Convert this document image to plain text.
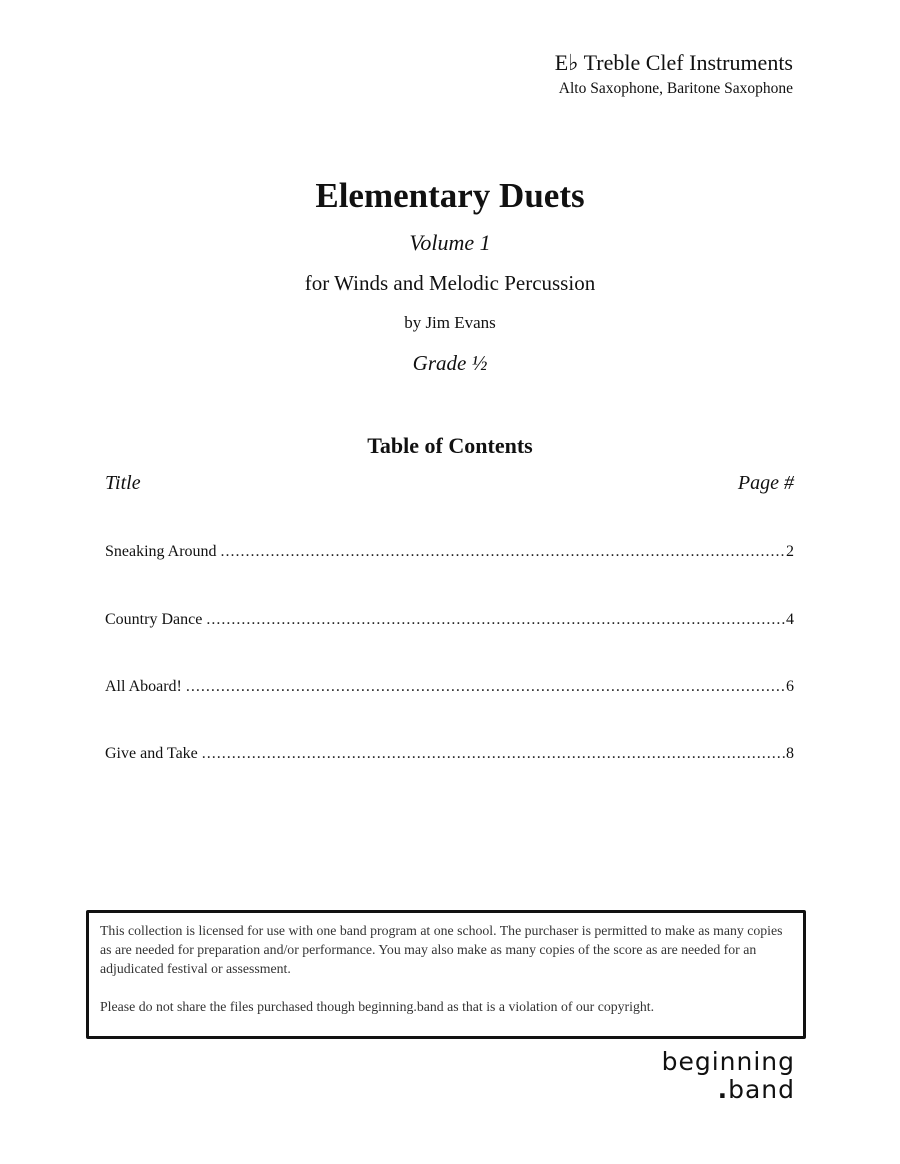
E♭ Treble Clef Instruments
Alto Saxophone, Baritone Saxophone
Elementary Duets
Volume 1
for Winds and Melodic Percussion
by Jim Evans
Grade ½
Table of Contents
Title	Page #
Sneaking Around .....	2
Country Dance .....	4
All Aboard! .....	6
Give and Take .....	8

This collection is licensed for use with one band program at one school. The purchaser is permitted to make as many copies as are needed for preparation and/or performance. You may also make as many copies of the score as are needed for an adjudicated festival or assessment.

Please do not share the files purchased though beginning.band as that is a violation of our copyright.

beginning
.band
